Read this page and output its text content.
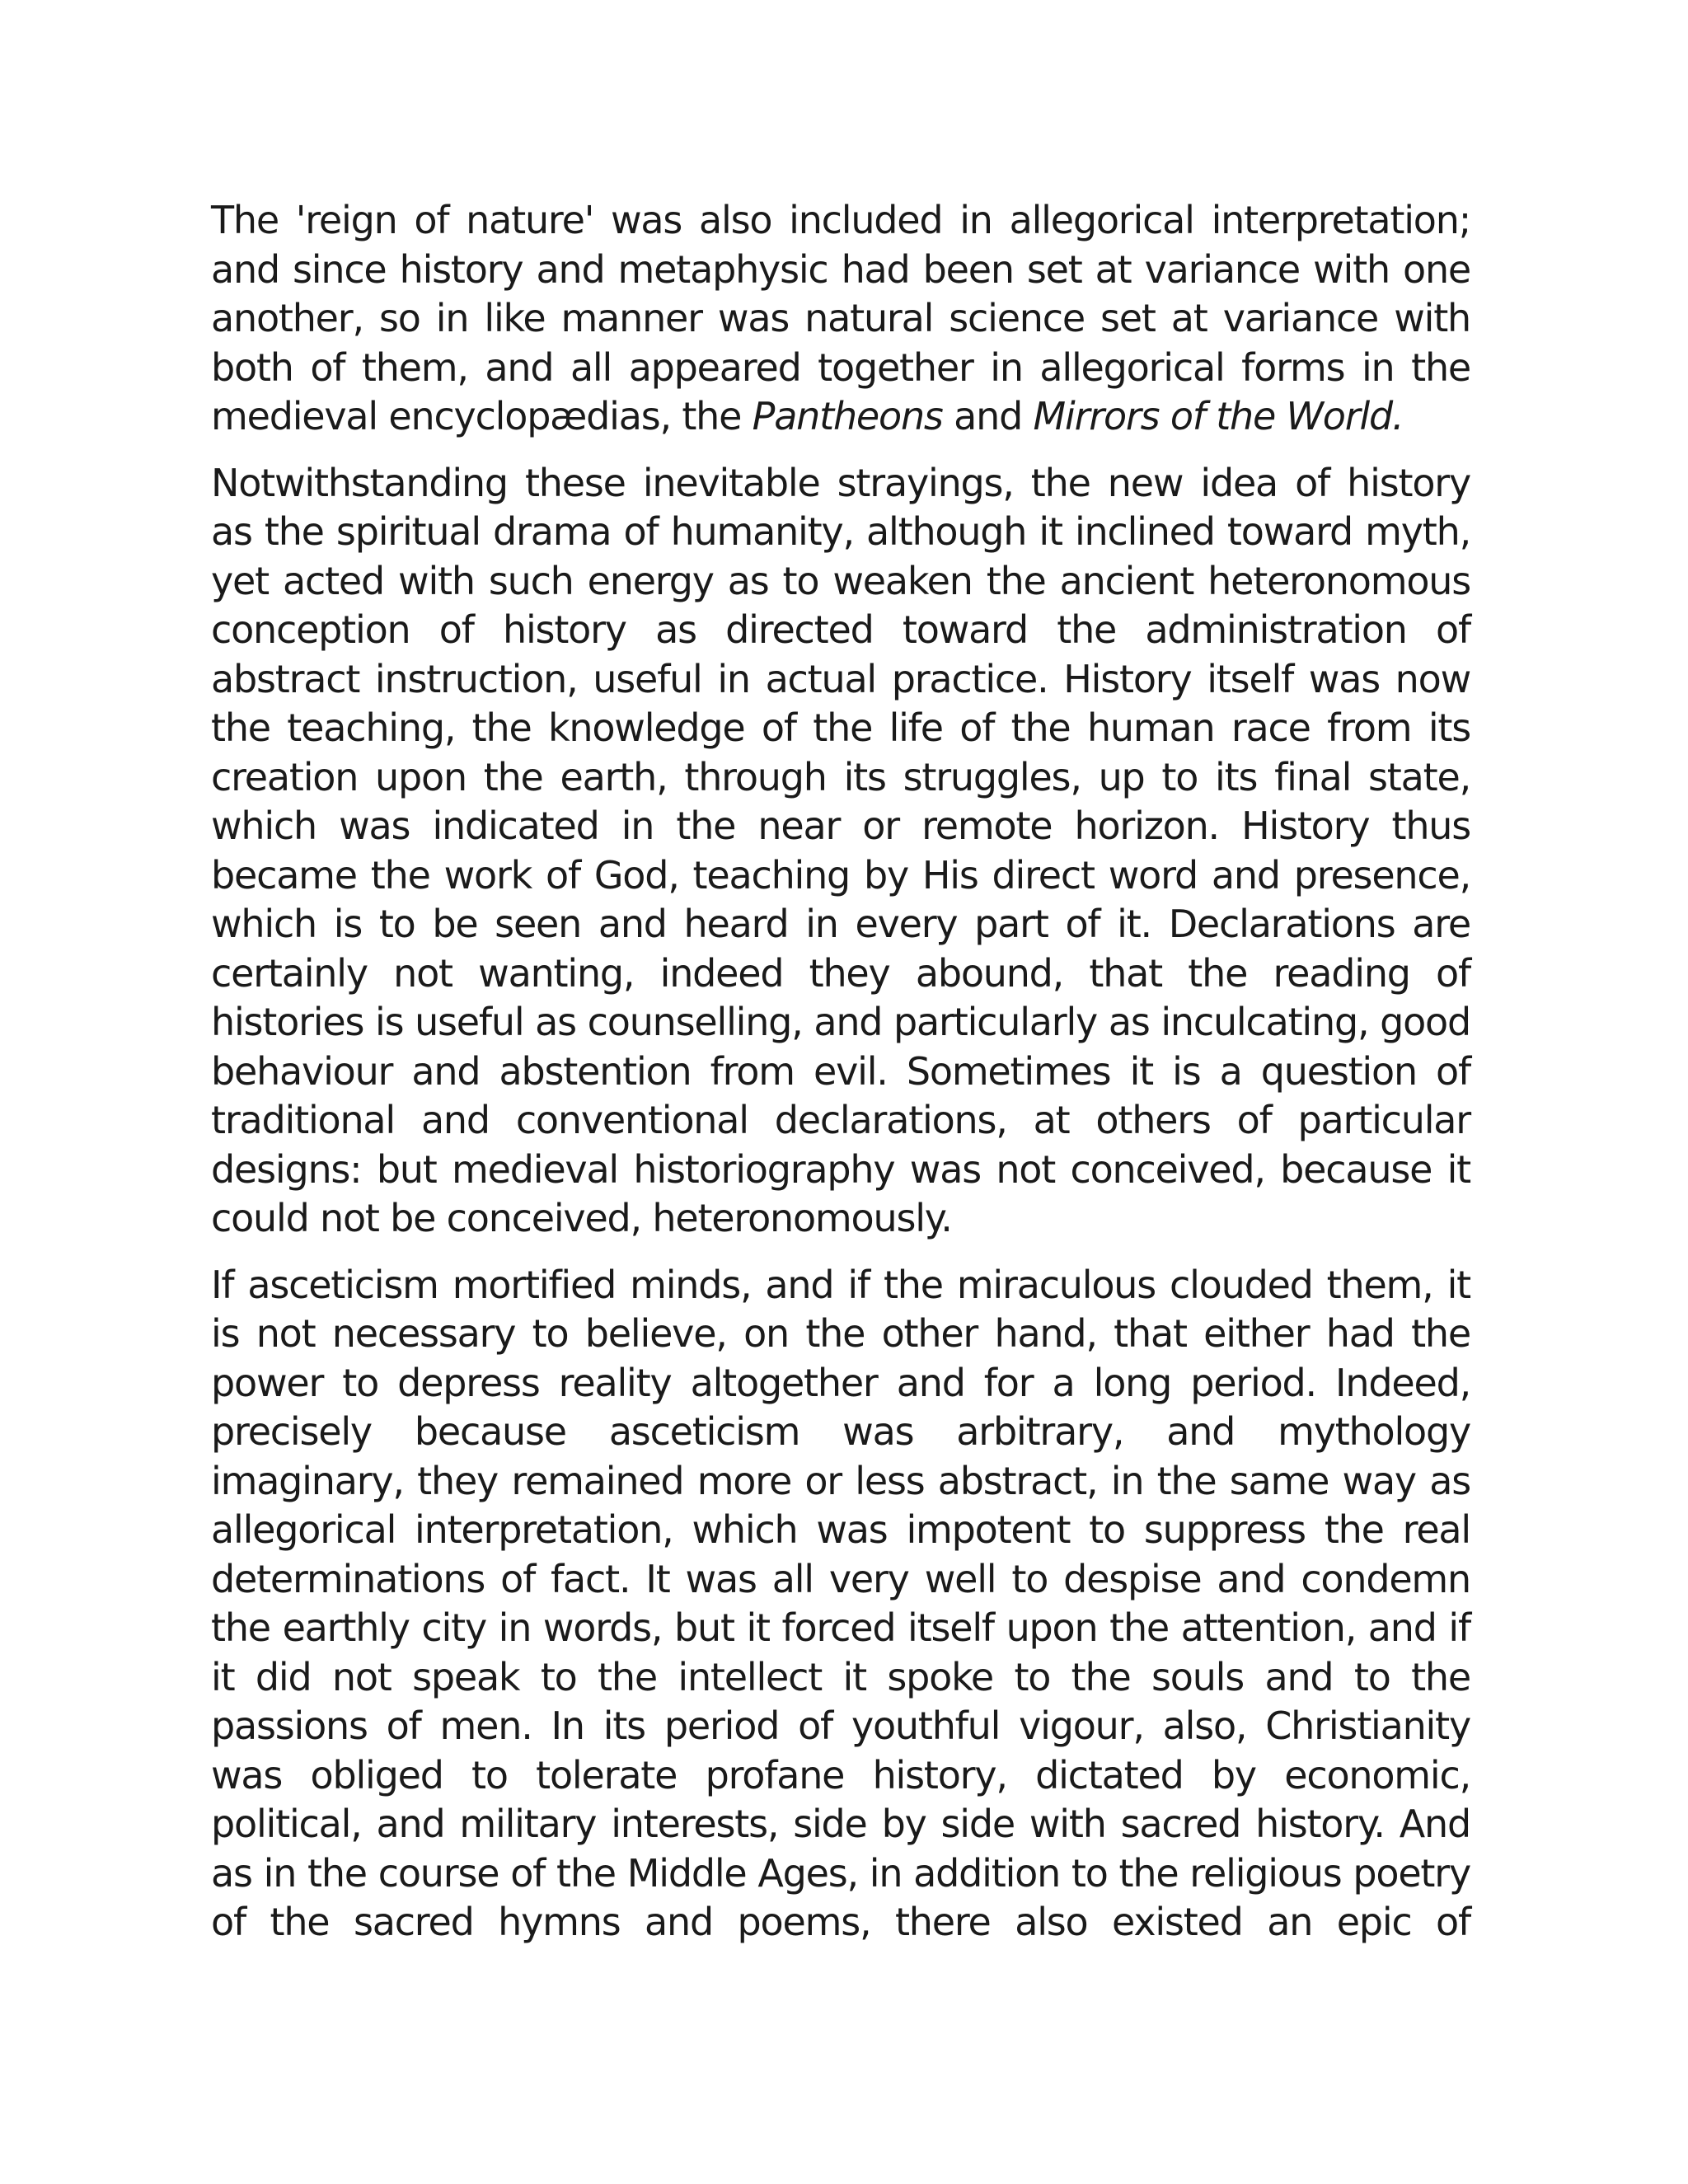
The 'reign of nature' was also included in allegorical interpretation; and since history and metaphysic had been set at variance with one another, so in like manner was natural science set at variance with both of them, and all appeared together in allegorical forms in the medieval encyclopædias, the Pantheons and Mirrors of the World.

Notwithstanding these inevitable strayings, the new idea of history as the spiritual drama of humanity, although it inclined toward myth, yet acted with such energy as to weaken the ancient heteronomous conception of history as directed toward the administration of abstract instruction, useful in actual practice. History itself was now the teaching, the knowledge of the life of the human race from its creation upon the earth, through its struggles, up to its final state, which was indicated in the near or remote horizon. History thus became the work of God, teaching by His direct word and presence, which is to be seen and heard in every part of it. Declarations are certainly not wanting, indeed they abound, that the reading of histories is useful as counselling, and particularly as inculcating, good behaviour and abstention from evil. Sometimes it is a question of traditional and conventional declarations, at others of particular designs: but medieval historiography was not conceived, because it could not be conceived, heteronomously.

If asceticism mortified minds, and if the miraculous clouded them, it is not necessary to believe, on the other hand, that either had the power to depress reality altogether and for a long period. Indeed, precisely because asceticism was arbitrary, and mythology imaginary, they remained more or less abstract, in the same way as allegorical interpretation, which was impotent to suppress the real determinations of fact. It was all very well to despise and condemn the earthly city in words, but it forced itself upon the attention, and if it did not speak to the intellect it spoke to the souls and to the passions of men. In its period of youthful vigour, also, Christianity was obliged to tolerate profane history, dictated by economic, political, and military interests, side by side with sacred history. And as in the course of the Middle Ages, in addition to the religious poetry of the sacred hymns and poems, there also existed an epic of
